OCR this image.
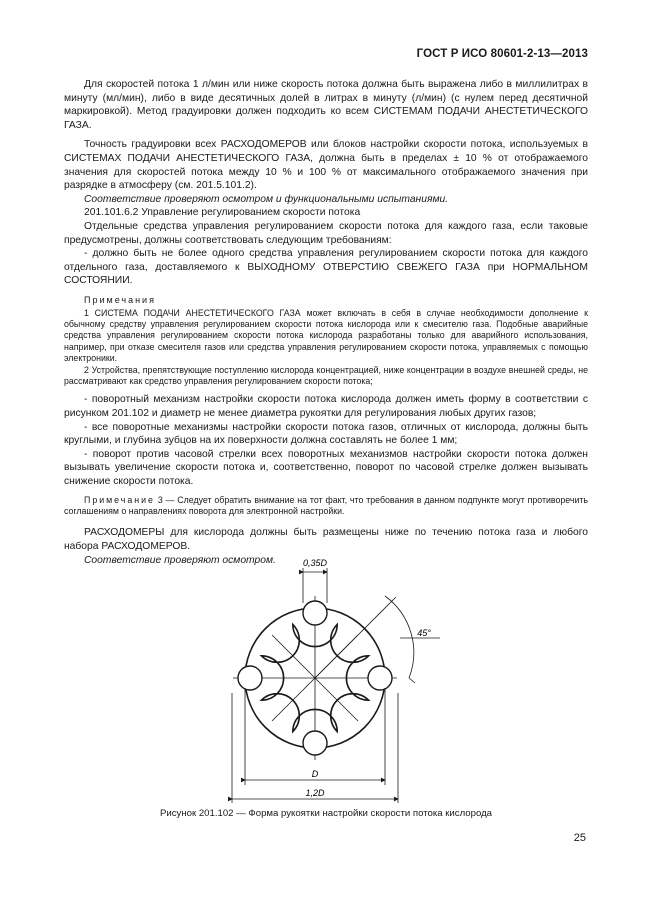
ГОСТ Р ИСО 80601-2-13—2013

Для скоростей потока 1 л/мин или ниже скорость потока должна быть выражена либо в миллилитрах в минуту (мл/мин), либо в виде десятичных долей в литрах в минуту (л/мин) (с нулем перед десятичной маркировкой). Метод градуировки должен подходить ко всем СИСТЕМАМ ПОДАЧИ АНЕСТЕТИЧЕСКОГО ГАЗА.

Точность градуировки всех РАСХОДОМЕРОВ или блоков настройки скорости потока, используемых в СИСТЕМАХ ПОДАЧИ АНЕСТЕТИЧЕСКОГО ГАЗА, должна быть в пределах ± 10 % от отображаемого значения для скоростей потока между 10 % и 100 % от максимального отображаемого значения при разрядке в атмосферу (см. 201.5.101.2).

Соответствие проверяют осмотром и функциональными испытаниями.

201.101.6.2 Управление регулированием скорости потока

Отдельные средства управления регулированием скорости потока для каждого газа, если таковые предусмотрены, должны соответствовать следующим требованиям:

- должно быть не более одного средства управления регулированием скорости потока для каждого отдельного газа, доставляемого к ВЫХОДНОМУ ОТВЕРСТИЮ СВЕЖЕГО ГАЗА при НОРМАЛЬНОМ СОСТОЯНИИ.

Примечания

1 СИСТЕМА ПОДАЧИ АНЕСТЕТИЧЕСКОГО ГАЗА может включать в себя в случае необходимости дополнение к обычному средству управления регулированием скорости потока кислорода или к смесителю газа. Подобные аварийные средства управления регулированием скорости потока кислорода разработаны только для аварийного использования, например, при отказе смесителя газов или средства управления регулированием скорости потока, управляемых с помощью электроники.

2 Устройства, препятствующие поступлению кислорода концентрацией, ниже концентрации в воздухе внешней среды, не рассматривают как средство управления регулированием скорости потока;

- поворотный механизм настройки скорости потока кислорода должен иметь форму в соответствии с рисунком 201.102 и диаметр не менее диаметра рукоятки для регулирования любых других газов;

- все поворотные механизмы настройки скорости потока газов, отличных от кислорода, должны быть круглыми, и глубина зубцов на их поверхности должна составлять не более 1 мм;

- поворот против часовой стрелки всех поворотных механизмов настройки скорости потока должен вызывать увеличение скорости потока и, соответственно, поворот по часовой стрелке должен вызывать снижение скорости потока.

Примечание 3 — Следует обратить внимание на тот факт, что требования в данном подпункте могут противоречить соглашениям о направлениях поворота для электронной настройки.

РАСХОДОМЕРЫ для кислорода должны быть размещены ниже по течению потока газа и любого набора РАСХОДОМЕРОВ.

Соответствие проверяют осмотром.	0,35D
45°
D
1,2D
Рисунок 201.102 — Форма рукоятки настройки скорости потока кислорода
25
